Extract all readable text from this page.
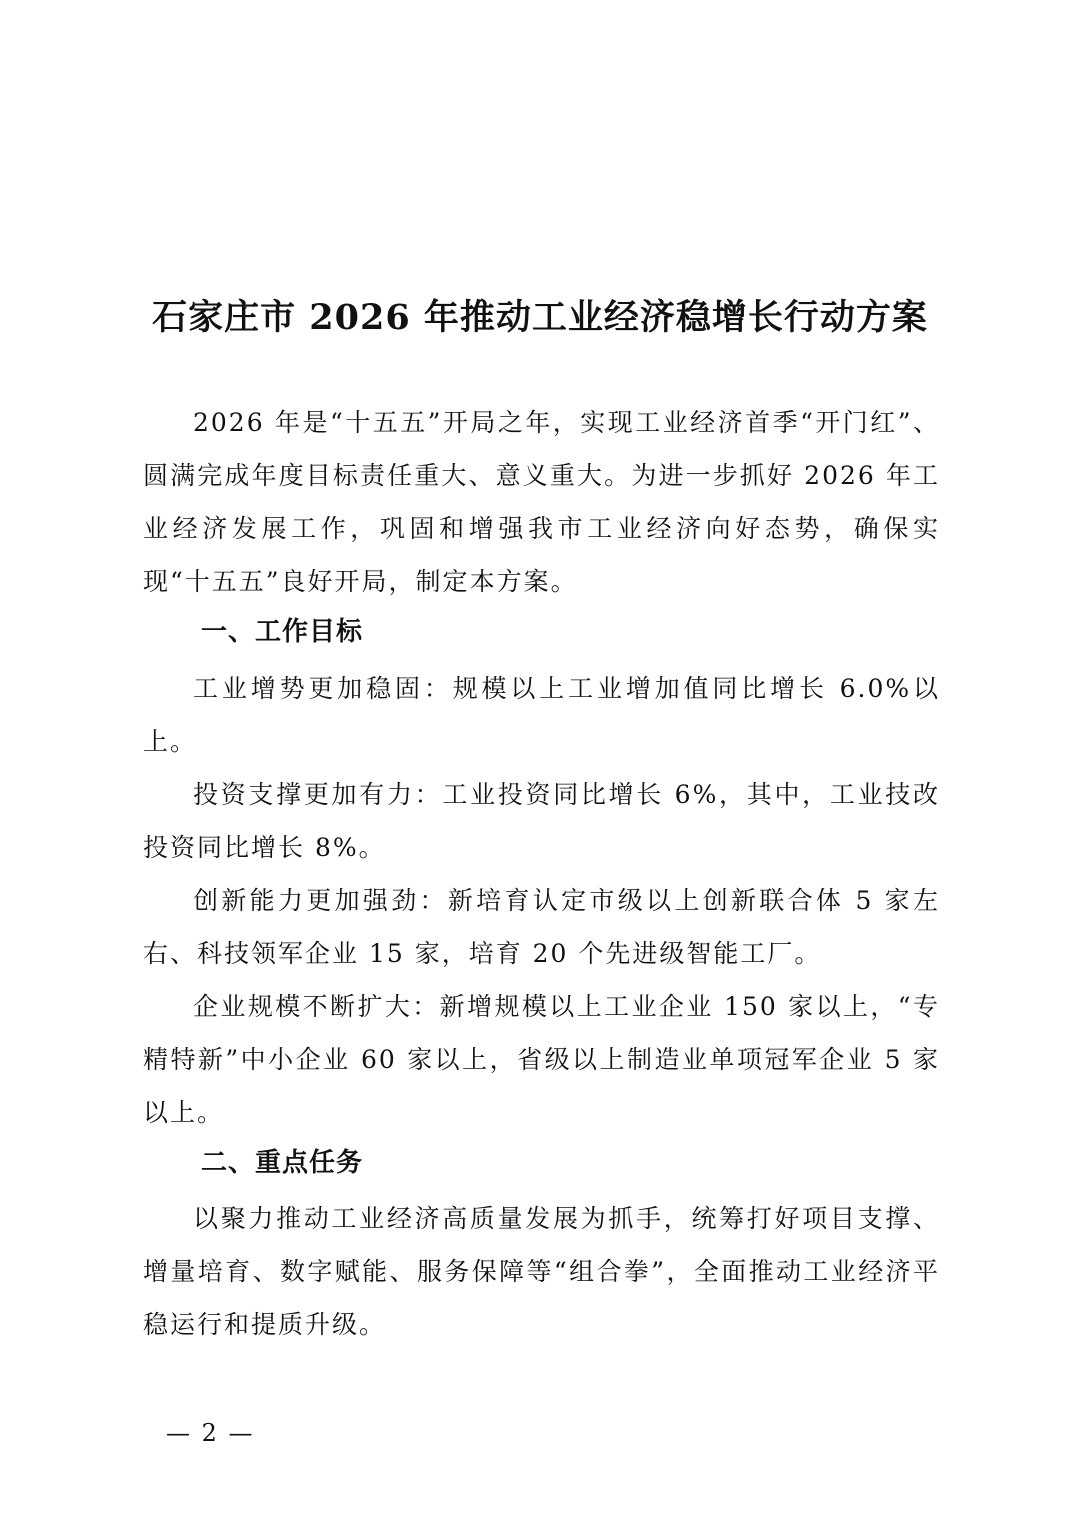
石家庄市 2026 年推动工业经济稳增长行动方案

2026 年是“十五五”开局之年，实现工业经济首季“开门红”、圆满完成年度目标责任重大、意义重大。为进一步抓好 2026 年工业经济发展工作，巩固和增强我市工业经济向好态势，确保实现“十五五”良好开局，制定本方案。

一、工作目标

工业增势更加稳固：规模以上工业增加值同比增长 6.0%以上。

投资支撑更加有力：工业投资同比增长 6%，其中，工业技改投资同比增长 8%。

创新能力更加强劲：新培育认定市级以上创新联合体 5 家左右、科技领军企业 15 家，培育 20 个先进级智能工厂。

企业规模不断扩大：新增规模以上工业企业 150 家以上，“专精特新”中小企业 60 家以上，省级以上制造业单项冠军企业 5 家以上。

二、重点任务

以聚力推动工业经济高质量发展为抓手，统筹打好项目支撑、增量培育、数字赋能、服务保障等“组合拳”，全面推动工业经济平稳运行和提质升级。

— 2 —
